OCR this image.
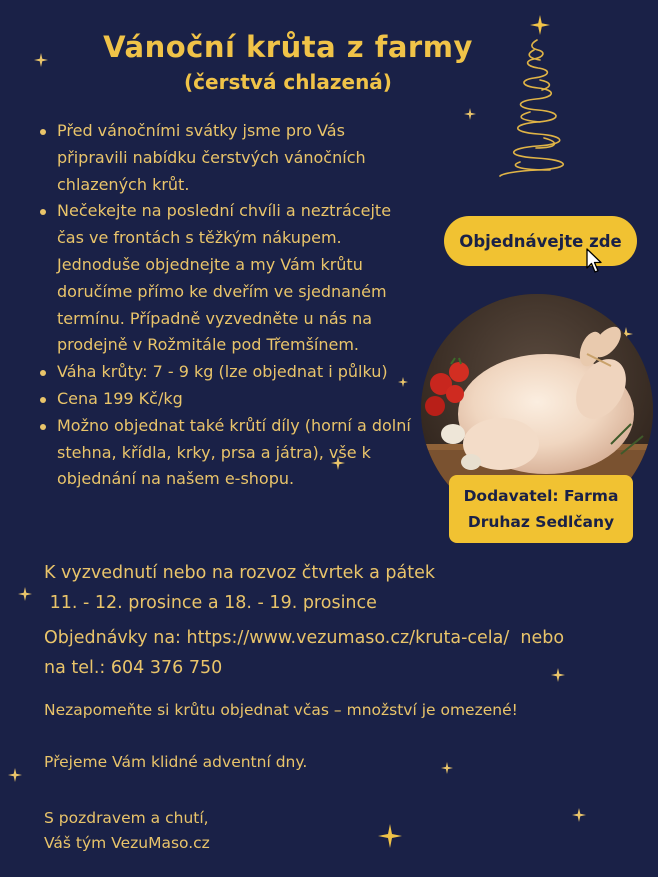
Vánoční krůta z farmy
(čerstvá chlazená)
Před vánočními svátky jsme pro Vás připravili nabídku čerstvých vánočních chlazených krůt.
Nečekejte na poslední chvíli a neztrácejte čas ve frontách s těžkým nákupem. Jednoduše objednejte a my Vám krůtu doručíme přímo ke dveřím ve sjednaném termínu. Případně vyzvedněte u nás na prodejně v Rožmitále pod Třemšínem.
Váha krůty: 7 - 9 kg (lze objednat i půlku)
Cena 199 Kč/kg
Možno objednat také krůtí díly (horní a dolní stehna, křídla, krky, prsa a játra), vše k objednání na našem e-shopu.
Objednávejte zde
Dodavatel: Farma
Druhaz Sedlčany
K vyzvednutí nebo na rozvoz čtvrtek a pátek
11. - 12. prosince a 18. - 19. prosince
Objednávky na: https://www.vezumaso.cz/kruta-cela/  nebo
na tel.: 604 376 750
Nezapomeňte si krůtu objednat včas – množství je omezené!
Přejeme Vám klidné adventní dny.
S pozdravem a chutí,
Váš tým VezuMaso.cz
